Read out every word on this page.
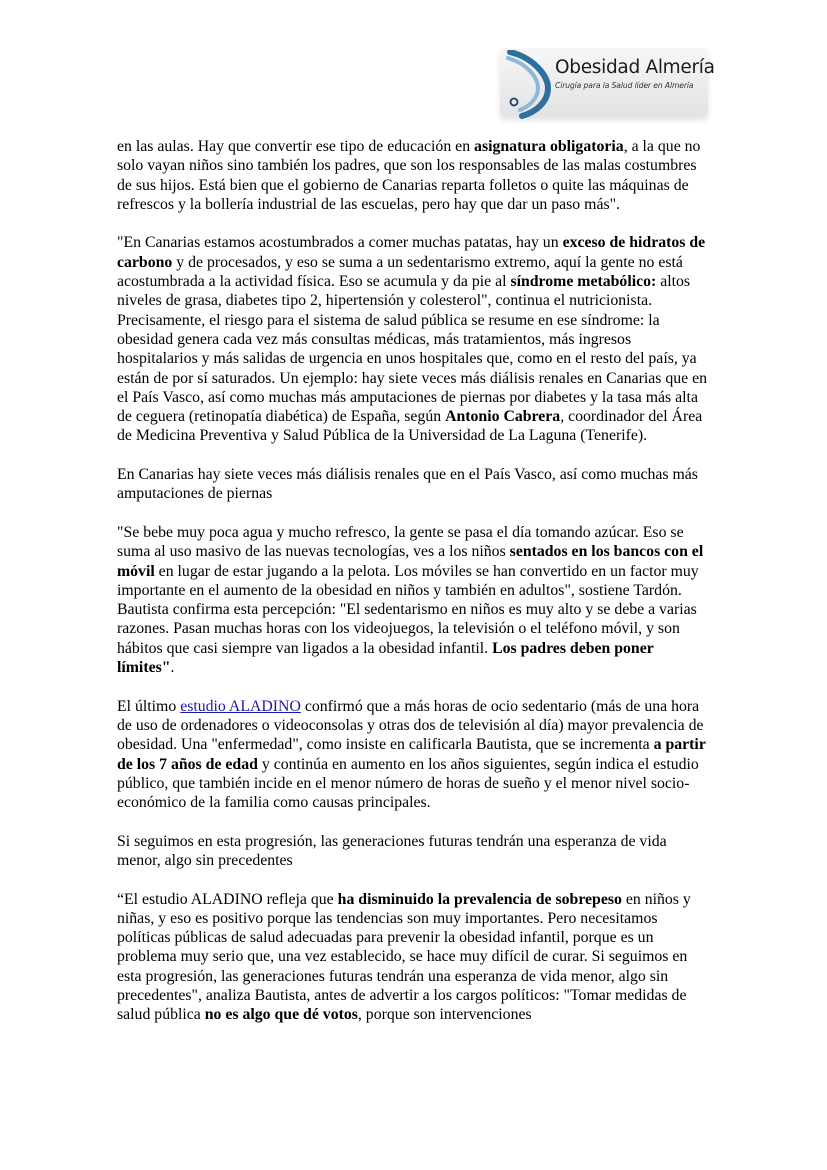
Obesidad Almería
Cirugía para la Salud líder en Almería

en las aulas. Hay que convertir ese tipo de educación en asignatura obligatoria, a la que no solo vayan niños sino también los padres, que son los responsables de las malas costumbres de sus hijos. Está bien que el gobierno de Canarias reparta folletos o quite las máquinas de refrescos y la bollería industrial de las escuelas, pero hay que dar un paso más".

"En Canarias estamos acostumbrados a comer muchas patatas, hay un exceso de hidratos de carbono y de procesados, y eso se suma a un sedentarismo extremo, aquí la gente no está acostumbrada a la actividad física. Eso se acumula y da pie al síndrome metabólico: altos niveles de grasa, diabetes tipo 2, hipertensión y colesterol", continua el nutricionista. Precisamente, el riesgo para el sistema de salud pública se resume en ese síndrome: la obesidad genera cada vez más consultas médicas, más tratamientos, más ingresos hospitalarios y más salidas de urgencia en unos hospitales que, como en el resto del país, ya están de por sí saturados. Un ejemplo: hay siete veces más diálisis renales en Canarias que en el País Vasco, así como muchas más amputaciones de piernas por diabetes y la tasa más alta de ceguera (retinopatía diabética) de España, según Antonio Cabrera, coordinador del Área de Medicina Preventiva y Salud Pública de la Universidad de La Laguna (Tenerife).

En Canarias hay siete veces más diálisis renales que en el País Vasco, así como muchas más amputaciones de piernas

"Se bebe muy poca agua y mucho refresco, la gente se pasa el día tomando azúcar. Eso se suma al uso masivo de las nuevas tecnologías, ves a los niños sentados en los bancos con el móvil en lugar de estar jugando a la pelota. Los móviles se han convertido en un factor muy importante en el aumento de la obesidad en niños y también en adultos", sostiene Tardón. Bautista confirma esta percepción: "El sedentarismo en niños es muy alto y se debe a varias razones. Pasan muchas horas con los videojuegos, la televisión o el teléfono móvil, y son hábitos que casi siempre van ligados a la obesidad infantil. Los padres deben poner límites".

El último estudio ALADINO confirmó que a más horas de ocio sedentario (más de una hora de uso de ordenadores o videoconsolas y otras dos de televisión al día) mayor prevalencia de obesidad. Una "enfermedad", como insiste en calificarla Bautista, que se incrementa a partir de los 7 años de edad y continúa en aumento en los años siguientes, según indica el estudio público, que también incide en el menor número de horas de sueño y el menor nivel socio-económico de la familia como causas principales.

Si seguimos en esta progresión, las generaciones futuras tendrán una esperanza de vida menor, algo sin precedentes

“El estudio ALADINO refleja que ha disminuido la prevalencia de sobrepeso en niños y niñas, y eso es positivo porque las tendencias son muy importantes. Pero necesitamos políticas públicas de salud adecuadas para prevenir la obesidad infantil, porque es un problema muy serio que, una vez establecido, se hace muy difícil de curar. Si seguimos en esta progresión, las generaciones futuras tendrán una esperanza de vida menor, algo sin precedentes", analiza Bautista, antes de advertir a los cargos políticos: "Tomar medidas de salud pública no es algo que dé votos, porque son intervenciones
